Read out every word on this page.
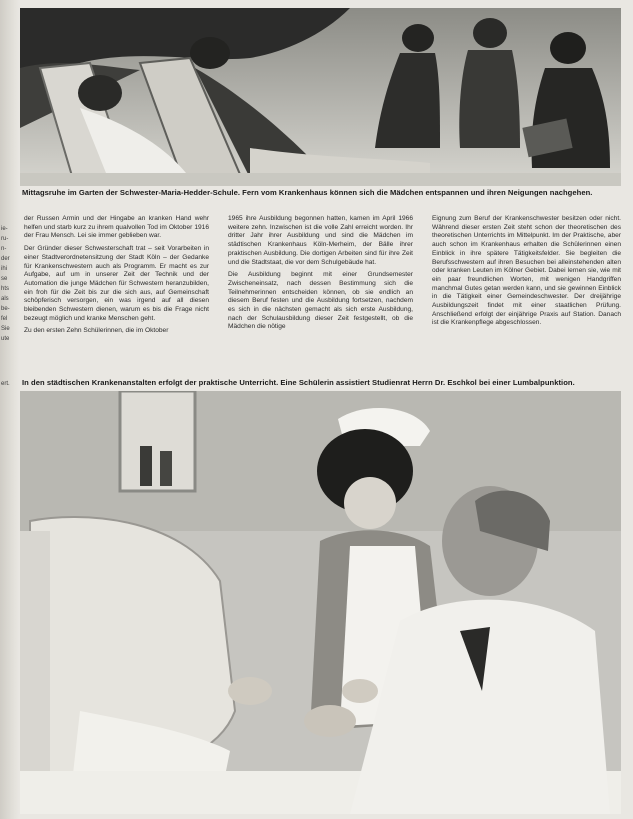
ie-
ru-
n-
der
ihi
se
hts
als
be-
fel
Sie
ute
ert.
Mittagsruhe im Garten der Schwester-Maria-Hedder-Schule. Fern vom Krankenhaus können sich die Mädchen entspannen und ihren Neigungen nachgehen.

der Russen Armin und der Hingabe an kranken Hand wehr helfen und starb kurz zu ihrem qualvollen Tod im Oktober 1916 der Frau Mensch. Lei sie immer geblieben war.

Der Gründer dieser Schwesterschaft trat – seit Vorarbeiten in einer Stadtverordnetensitzung der Stadt Köln – der Gedanke für Krankenschwestern auch als Programm. Er macht es zur Aufgabe, auf um in unserer Zeit der Technik und der Automation die junge Mädchen für Schwestern heranzubilden, ein froh für die Zeit bis zur die sich aus, auf Gemeinschaft schöpferisch versorgen, ein was irgend auf all diesen bleibenden Schwestern dienen, warum es bis die Frage nicht bezeugt möglich und kranke Menschen geht.

Zu den ersten Zehn Schülerinnen, die im Oktober

1965 ihre Ausbildung begonnen hatten, kamen im April 1966 weitere zehn. Inzwischen ist die volle Zahl erreicht worden. Ihr dritter Jahr ihrer Ausbildung und sind die Mädchen im städtischen Krankenhaus Köln-Merheim, der Bälle ihrer praktischen Ausbildung. Die dortigen Arbeiten sind für ihre Zeit und die Stadtstaat, die vor dem Schulgebäude hat.

Die Ausbildung beginnt mit einer Grundsemester Zwischeneinsatz, nach dessen Bestimmung sich die Teilnehmerinnen entscheiden können, ob sie endlich an diesem Beruf festen und die Ausbildung fortsetzen, nachdem es sich in die nächsten gemacht als sich erste Ausbildung, nach der Schulausbildung dieser Zeit festgestellt, ob die Mädchen die nötige

Eignung zum Beruf der Krankenschwester besitzen oder nicht. Während dieser ersten Zeit steht schon der theoretischen des theoretischen Unterrichts im Mittelpunkt. Im der Praktische, aber auch schon im Krankenhaus erhalten die Schülerinnen einen Einblick in ihre spätere Tätigkeitsfelder. Sie begleiten die Berufsschwestern auf ihren Besuchen bei alleinstehenden alten oder kranken Leuten im Kölner Gebiet. Dabei lernen sie, wie mit ein paar freundlichen Worten, mit wenigen Handgriffen manchmal Gutes getan werden kann, und sie gewinnen Einblick in die Tätigkeit einer Gemeindeschwester. Der dreijährige Ausbildungszeit findet mit einer staatlichen Prüfung. Anschließend erfolgt der einjährige Praxis auf Station. Danach ist die Krankenpflege abgeschlossen.

In den städtischen Krankenanstalten erfolgt der praktische Unterricht. Eine Schülerin assistiert Studienrat Herrn Dr. Eschkol bei einer Lumbalpunktion.
